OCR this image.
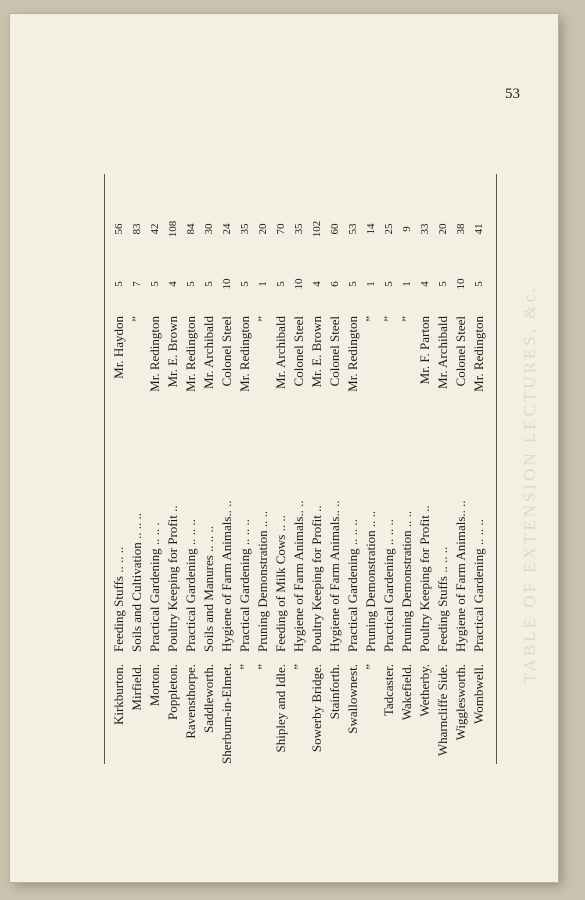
53
TABLE OF EXTENSION LECTURES, &c.
Kirkburton.
Feeding Stuffs .. .. ..
Mr. Haydon
5
56
Mirfield.
Soils and Cultivation .. .. ..
”
7
83
Morton.
Practical Gardening .. .. .
Mr. Redington
5
42
Poppleton.
Poultry Keeping for Profit ..
Mr. E. Brown
4
108
Ravensthorpe.
Practical Gardening .. .. ..
Mr. Redington
5
84
Saddleworth.
Soils and Manures .. .. ..
Mr. Archibald
5
30
Sherburn-in-Elmet.
Hygiene of Farm Animals.. ..
Colonel Steel
10
24
”
Practical Gardening .. .. ..
Mr. Redington
5
35
”
Pruning Demonstration .. ..
”
1
20
Shipley and Idle.
Feeding of Milk Cows .. ..
Mr. Archibald
5
70
”
Hygiene of Farm Animals.. ..
Colonel Steel
10
35
Sowerby Bridge.
Poultry Keeping for Profit ..
Mr. E. Brown
4
102
Stainforth.
Hygiene of Farm Animals.. ..
Colonel Steel
6
60
Swallownest.
Practical Gardening .. .. ..
Mr. Redington
5
53
”
Pruning Demonstration .. ..
”
1
14
Tadcaster.
Practical Gardening .. .. ..
”
5
25
Wakefield.
Pruning Demonstration .. ..
”
1
9
Wetherby.
Poultry Keeping for Profit ..
Mr. F. Parton
4
33
Wharncliffe Side.
Feeding Stuffs .. .. ..
Mr. Archibald
5
20
Wigglesworth.
Hygiene of Farm Animals.. ..
Colonel Steel
10
38
Wombwell.
Practical Gardening .. .. ..
Mr. Redington
5
41
